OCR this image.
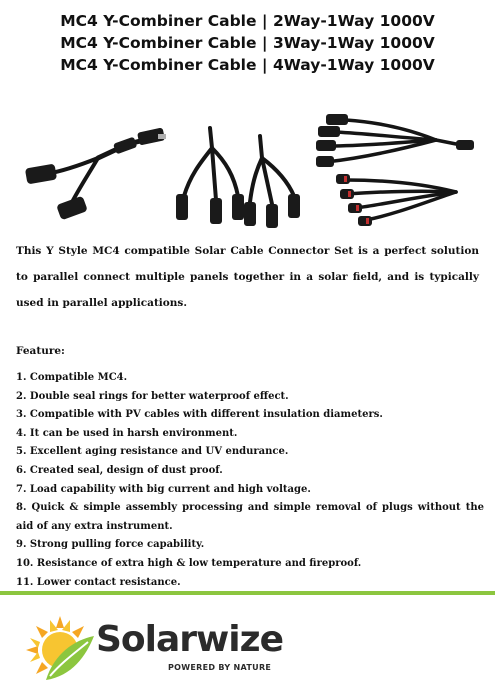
MC4 Y-Combiner Cable | 2Way-1Way 1000V
MC4 Y-Combiner Cable | 3Way-1Way 1000V
MC4 Y-Combiner Cable | 4Way-1Way 1000V
This Y Style MC4 compatible Solar Cable Connector Set is a perfect solution to parallel connect multiple panels together in a solar field, and is typically used in parallel applications.
Feature:
1. Compatible MC4.
2. Double seal rings for better waterproof effect.
3. Compatible with PV cables with different insulation diameters.
4. It can be used in harsh environment.
5. Excellent aging resistance and UV endurance.
6. Created seal, design of dust proof.
7. Load capability with big current and high voltage.
8. Quick & simple assembly processing and simple removal of plugs without the aid of any extra instrument.
9. Strong pulling force capability.
10. Resistance of extra high & low temperature and fireproof.
11. Lower contact resistance.
Solarwize
POWERED BY NATURE
